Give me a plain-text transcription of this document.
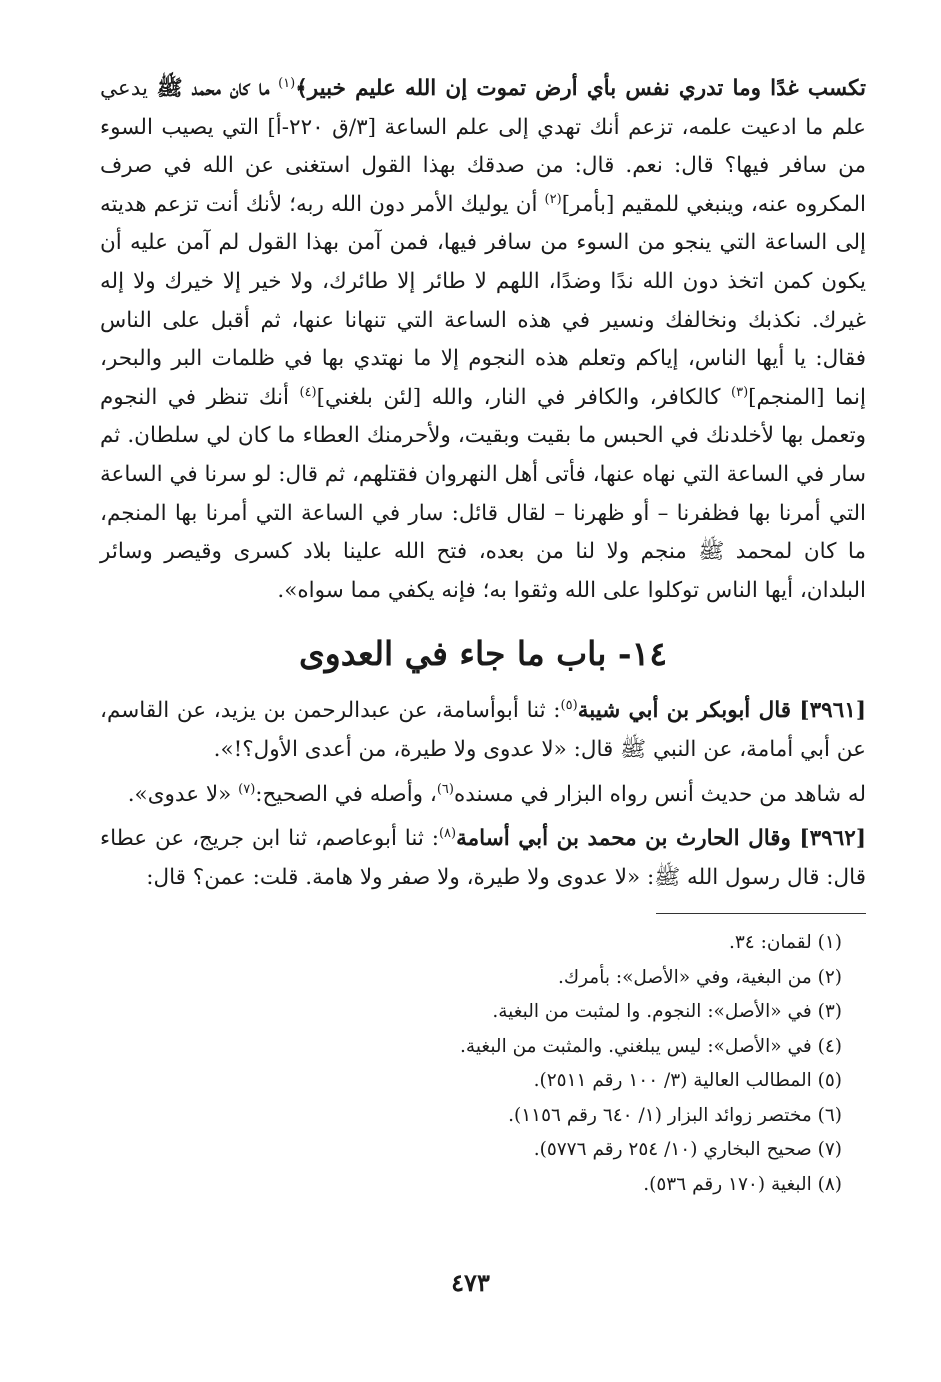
تكسب غدًا وما تدري نفس بأي أرض تموت إن الله عليم خبير﴾$^{(١)}$ ما كان محمد ﷺ يدعي علم ما ادعيت علمه، تزعم أنك تهدي إلى علم الساعة [٣/ق ٢٢٠-أ] التي يصيب السوء من سافر فيها؟ قال: نعم. قال: من صدقك بهذا القول استغنى عن الله في صرف المكروه عنه، وينبغي للمقيم [بأمر]$^{(٢)}$ أن يوليك الأمر دون الله ربه؛ لأنك أنت تزعم هديته إلى الساعة التي ينجو من السوء من سافر فيها، فمن آمن بهذا القول لم آمن عليه أن يكون كمن اتخذ دون الله ندًا وضدًا، اللهم لا طائر إلا طائرك، ولا خير إلا خيرك ولا إله غيرك. نكذبك ونخالفك ونسير في هذه الساعة التي تنهانا عنها، ثم أقبل على الناس فقال: يا أيها الناس، إياكم وتعلم هذه النجوم إلا ما نهتدي بها في ظلمات البر والبحر، إنما [المنجم]$^{(٣)}$ كالكافر، والكافر في النار، والله [لئن بلغني]$^{(٤)}$ أنك تنظر في النجوم وتعمل بها لأخلدنك في الحبس ما بقيت وبقيت، ولأحرمنك العطاء ما كان لي سلطان. ثم سار في الساعة التي نهاه عنها، فأتى أهل النهروان فقتلهم، ثم قال: لو سرنا في الساعة التي أمرنا بها فظفرنا – أو ظهرنا – لقال قائل: سار في الساعة التي أمرنا بها المنجم، ما كان لمحمد ﷺ منجم ولا لنا من بعده، فتح الله علينا بلاد كسرى وقيصر وسائر البلدان، أيها الناس توكلوا على الله وثقوا به؛ فإنه يكفي مما سواه».

١٤- باب ما جاء في العدوى

[٣٩٦١] قال أبوبكر بن أبي شيبة$^{(٥)}$: ثنا أبوأسامة، عن عبدالرحمن بن يزيد، عن القاسم، عن أبي أمامة، عن النبي ﷺ قال: «لا عدوى ولا طيرة، من أعدى الأول؟!».

له شاهد من حديث أنس رواه البزار في مسنده$^{(٦)}$، وأصله في الصحيح:$^{(٧)}$ «لا عدوى».

[٣٩٦٢] وقال الحارث بن محمد بن أبي أسامة$^{(٨)}$: ثنا أبوعاصم، ثنا ابن جريج، عن عطاء قال: قال رسول الله ﷺ: «لا عدوى ولا طيرة، ولا صفر ولا هامة. قلت: عمن؟ قال:

(١) لقمان: ٣٤.
(٢) من البغية، وفي «الأصل»: بأمرك.
(٣) في «الأصل»: النجوم. وا لمثبت من البغية.
(٤) في «الأصل»: ليس يبلغني. والمثبت من البغية.
(٥) المطالب العالية (٣/ ١٠٠ رقم ٢٥١١).
(٦) مختصر زوائد البزار (١/ ٦٤٠ رقم ١١٥٦).
(٧) صحيح البخاري (١٠/ ٢٥٤ رقم ٥٧٧٦).
(٨) البغية (١٧٠ رقم ٥٣٦).
٤٧٣
